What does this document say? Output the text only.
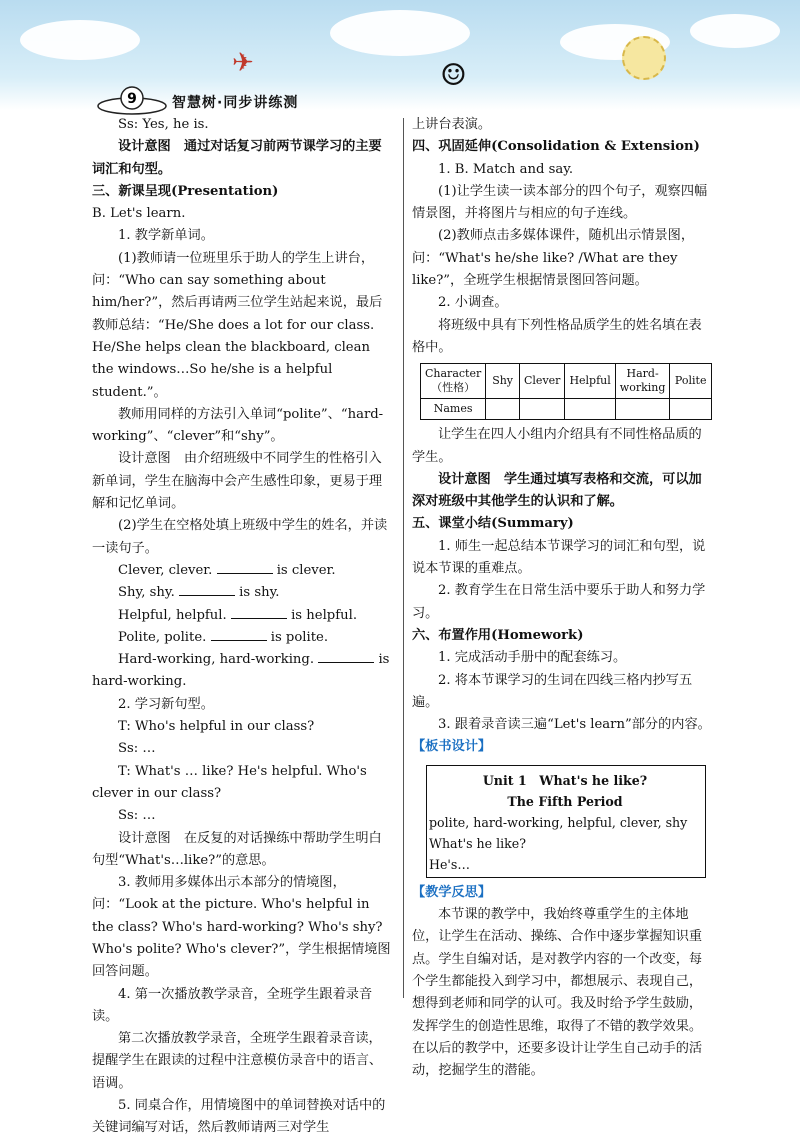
✈	☺
9	智慧树·同步讲练测

Ss: Yes, he is.

设计意图　通过对话复习前两节课学习的主要词汇和句型。

三、新课呈现(Presentation)

B. Let's learn.

1. 教学新单词。

(1)教师请一位班里乐于助人的学生上讲台，问：“Who can say something about him/her?”，然后再请两三位学生站起来说，最后教师总结：“He/She does a lot for our class. He/She helps clean the blackboard, clean the windows…So he/she is a helpful student.”。

教师用同样的方法引入单词“polite”、“hard-working”、“clever”和“shy”。

设计意图　由介绍班级中不同学生的性格引入新单词，学生在脑海中会产生感性印象，更易于理解和记忆单词。

(2)学生在空格处填上班级中学生的姓名，并读一读句子。

Clever, clever.	is clever.

Shy, shy.	is shy.

Helpful, helpful.	is helpful.

Polite, polite.	is polite.

Hard-working, hard-working.	is hard-working.

2. 学习新句型。

T: Who's helpful in our class?

Ss: …

T: What's … like? He's helpful. Who's clever in our class?

Ss: …

设计意图　在反复的对话操练中帮助学生明白句型“What's…like?”的意思。

3. 教师用多媒体出示本部分的情境图，问：“Look at the picture. Who's helpful in the class? Who's hard-working? Who's shy? Who's polite? Who's clever?”，学生根据情境图回答问题。

4. 第一次播放教学录音，全班学生跟着录音读。

第二次播放教学录音，全班学生跟着录音读，提醒学生在跟读的过程中注意模仿录音中的语言、语调。

5. 同桌合作，用情境图中的单词替换对话中的关键词编写对话，然后教师请两三对学生

上讲台表演。

四、巩固延伸(Consolidation & Extension)

1. B. Match and say.

(1)让学生读一读本部分的四个句子，观察四幅情景图，并将图片与相应的句子连线。

(2)教师点击多媒体课件，随机出示情景图，问：“What's he/she like? /What are they like?”，全班学生根据情景图回答问题。

2. 小调查。

将班级中具有下列性格品质学生的姓名填在表格中。

Character（性格）	Shy	Clever	Helpful	Hard-working	Polite
Names					

让学生在四人小组内介绍具有不同性格品质的学生。

设计意图　学生通过填写表格和交流，可以加深对班级中其他学生的认识和了解。

五、课堂小结(Summary)

1. 师生一起总结本节课学习的词汇和句型，说说本节课的重难点。

2. 教育学生在日常生活中要乐于助人和努力学习。

六、布置作用(Homework)

1. 完成活动手册中的配套练习。

2. 将本节课学习的生词在四线三格内抄写五遍。

3. 跟着录音读三遍“Let's learn”部分的内容。

【板书设计】

Unit 1　What's he like?
The Fifth Period
polite, hard-working, helpful, clever, shy
What's he like?
He's…

【教学反思】

本节课的教学中，我始终尊重学生的主体地位，让学生在活动、操练、合作中逐步掌握知识重点。学生自编对话，是对教学内容的一个改变，每个学生都能投入到学习中，都想展示、表现自己，想得到老师和同学的认可。我及时给予学生鼓励，发挥学生的创造性思维，取得了不错的教学效果。在以后的教学中，还要多设计让学生自己动手的活动，挖掘学生的潜能。
